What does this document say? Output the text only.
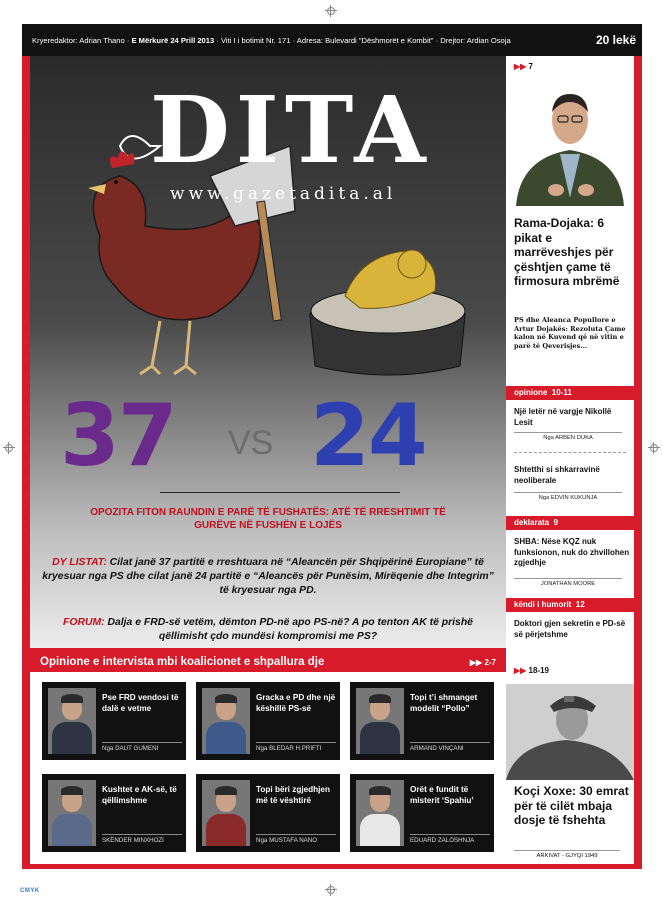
Kryeredaktor: Adrian Thano · E Mërkurë 24 Prill 2013 · Viti I i botimit Nr. 171 · Adresa: Bulevardi "Dëshmorët e Kombit" · Drejtor: Ardian Osoja	20 lekë
DITA
www.gazetadita.al
37 VS 24
OPOZITA FITON RAUNDIN E PARË TË FUSHATËS: ATË TË RRESHTIMIT TË GURËVE NË FUSHËN E LOJËS
DY LISTAT: Cilat janë 37 partitë e rreshtuara në “Aleancën për Shqipërinë Europiane” të kryesuar nga PS dhe cilat janë 24 partitë e “Aleancës për Punësim, Mirëqenie dhe Integrim” të kryesuar nga PD.
FORUM: Dalja e FRD-së vetëm, dëmton PD-në apo PS-në? A po tenton AK të prishë qëllimisht çdo mundësi kompromisi me PS?
Opinione e intervista mbi koalicionet e shpallura dje	▶▶ 2-7
Pse FRD vendosi të dalë e vetme
Nga DAUT GUMENI
Gracka e PD dhe një këshillë PS-së
Nga BLEDAR H.PRIFTI
Topi t’i shmanget modelit “Pollo”
ARMAND VINÇANI
Kushtet e AK-së, të qëllimshme
SKËNDER MINXHOZI
Topi bëri zgjedhjen më të vështirë
Nga MUSTAFA NANO
Orët e fundit të misterit ‘Spahiu’
EDUARD ZALOSHNJA
▶▶ 7
Rama-Dojaka: 6 pikat e marrëveshjes për çështjen çame të firmosura mbrëmë
PS dhe Aleanca Popullore e Artur Dojakës: Rezoluta Çame kalon në Kuvend që në vitin e parë të Qeverisjes...
opinione 10-11
Një letër në vargje Nikollë Lesit
Nga ARBEN DUKA
Shtetthi si shkarravinë neoliberale
Nga EDVIN KUKUNJA
deklarata 9
SHBA: Nëse KQZ nuk funksionon, nuk do zhvillohen zgjedhje
JONATHAN MOORE
këndi i humorit 12
Doktori gjen sekretin e PD-së së përjetshme
▶▶ 18-19
Koçi Xoxe: 30 emrat për të cilët mbaja dosje të fshehta
ARKIVAT - GJYQI 1949
CMYK
